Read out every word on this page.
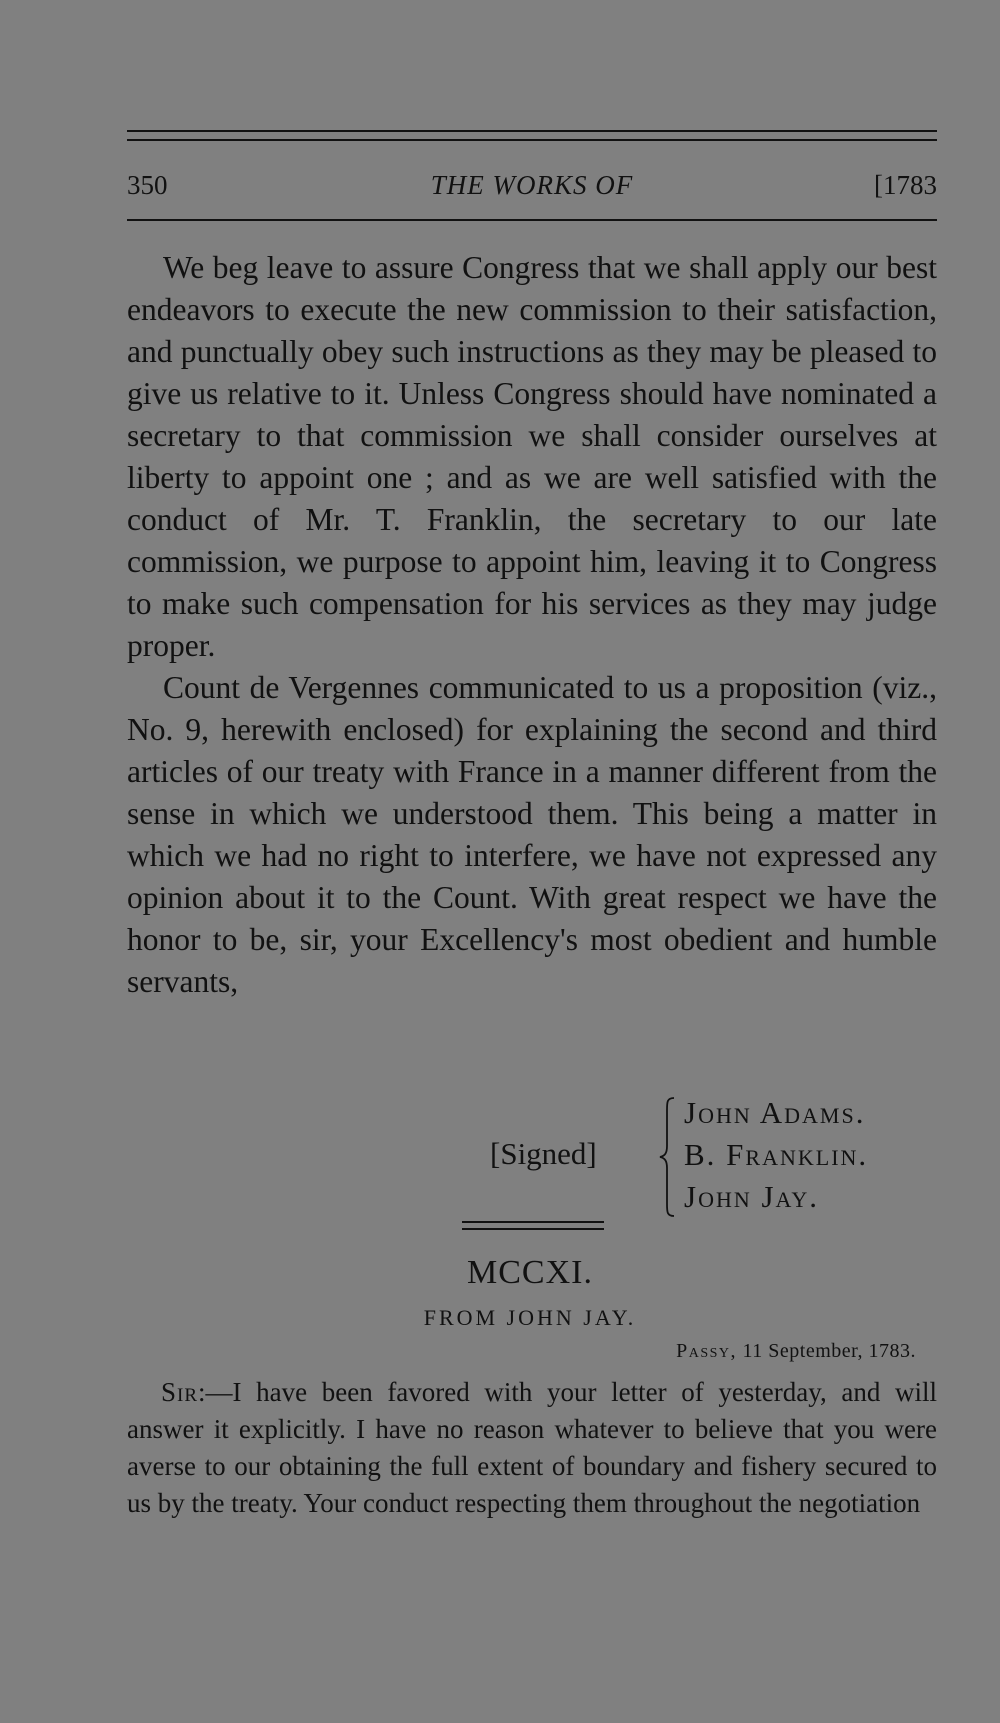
350	THE WORKS OF	[1783

We beg leave to assure Congress that we shall apply our best endeavors to execute the new commission to their satisfaction, and punctually obey such instructions as they may be pleased to give us relative to it. Unless Congress should have nominated a secretary to that commission we shall consider ourselves at liberty to appoint one ; and as we are well satisfied with the conduct of Mr. T. Franklin, the secretary to our late commission, we purpose to appoint him, leaving it to Congress to make such compensation for his services as they may judge proper.

Count de Vergennes communicated to us a proposition (viz., No. 9, herewith enclosed) for explaining the second and third articles of our treaty with France in a manner different from the sense in which we understood them. This being a matter in which we had no right to interfere, we have not expressed any opinion about it to the Count. With great respect we have the honor to be, sir, your Excellency's most obedient and humble servants,

[Signed]
John Adams.
B. Franklin.
John Jay.
MCCXI.
FROM JOHN JAY.
Passy, 11 September, 1783.

Sir:—I have been favored with your letter of yesterday, and will answer it explicitly. I have no reason whatever to believe that you were averse to our obtaining the full extent of boundary and fishery secured to us by the treaty. Your conduct respecting them throughout the negotiation
